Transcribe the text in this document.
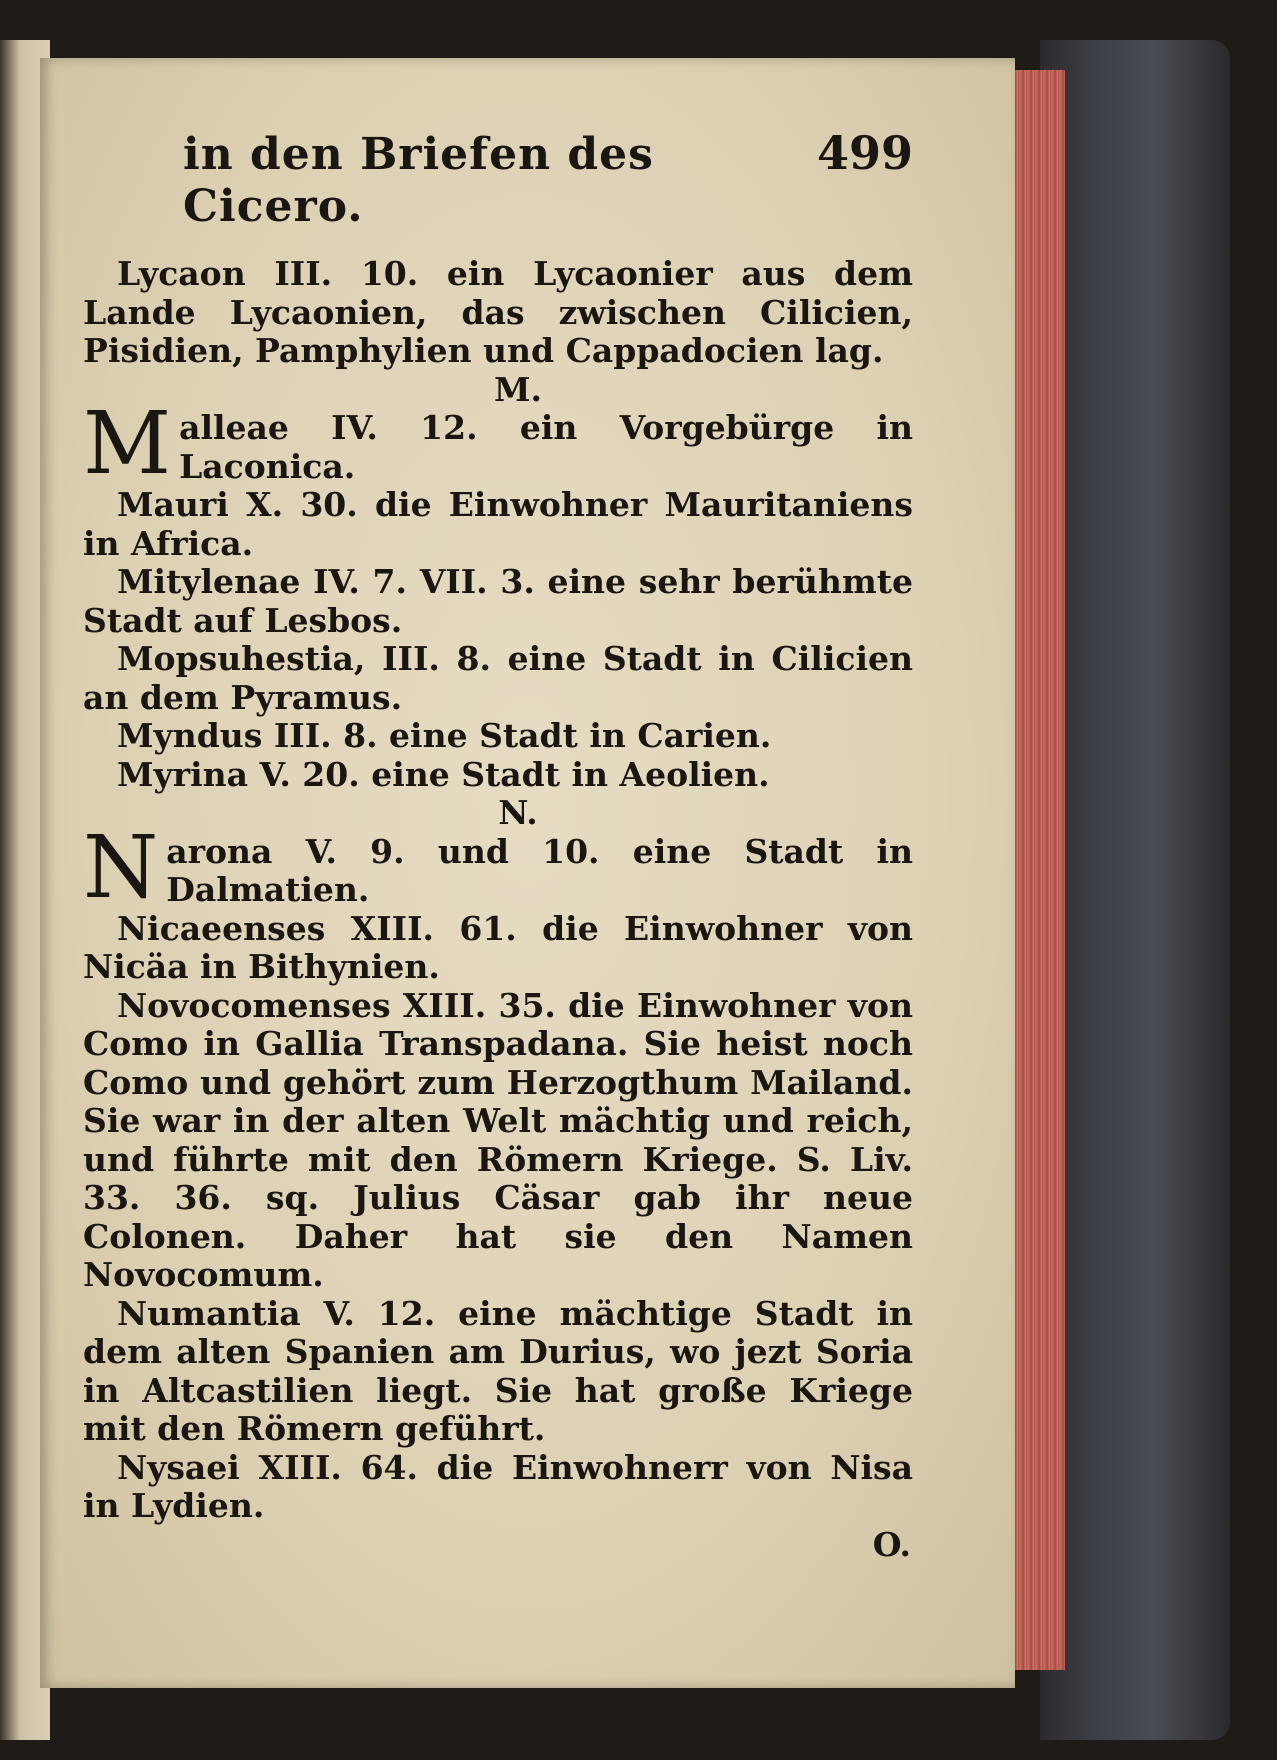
in den Briefen des Cicero.
499

Lycaon III. 10. ein Lycaonier aus dem Lande Lycaonien, das zwischen Cilicien, Pisidien, Pamphylien und Cappadocien lag.

M.

Malleae IV. 12. ein Vorgebürge in Laconica.

Mauri X. 30. die Einwohner Mauritaniens in Africa.

Mitylenae IV. 7. VII. 3. eine sehr berühmte Stadt auf Lesbos.

Mopsuhestia, III. 8. eine Stadt in Cilicien an dem Pyramus.

Myndus III. 8. eine Stadt in Carien.

Myrina V. 20. eine Stadt in Aeolien.

N.

Narona V. 9. und 10. eine Stadt in Dalmatien.

Nicaeenses XIII. 61. die Einwohner von Nicäa in Bithynien.

Novocomenses XIII. 35. die Einwohner von Como in Gallia Transpadana. Sie heist noch Como und gehört zum Herzogthum Mailand. Sie war in der alten Welt mächtig und reich, und führte mit den Römern Kriege. S. Liv. 33. 36. sq. Julius Cäsar gab ihr neue Colonen. Daher hat sie den Namen Novocomum.

Numantia V. 12. eine mächtige Stadt in dem alten Spanien am Durius, wo jezt Soria in Altcastilien liegt. Sie hat große Kriege mit den Römern geführt.

Nysaei XIII. 64. die Einwohnerr von Nisa in Lydien.

O.
